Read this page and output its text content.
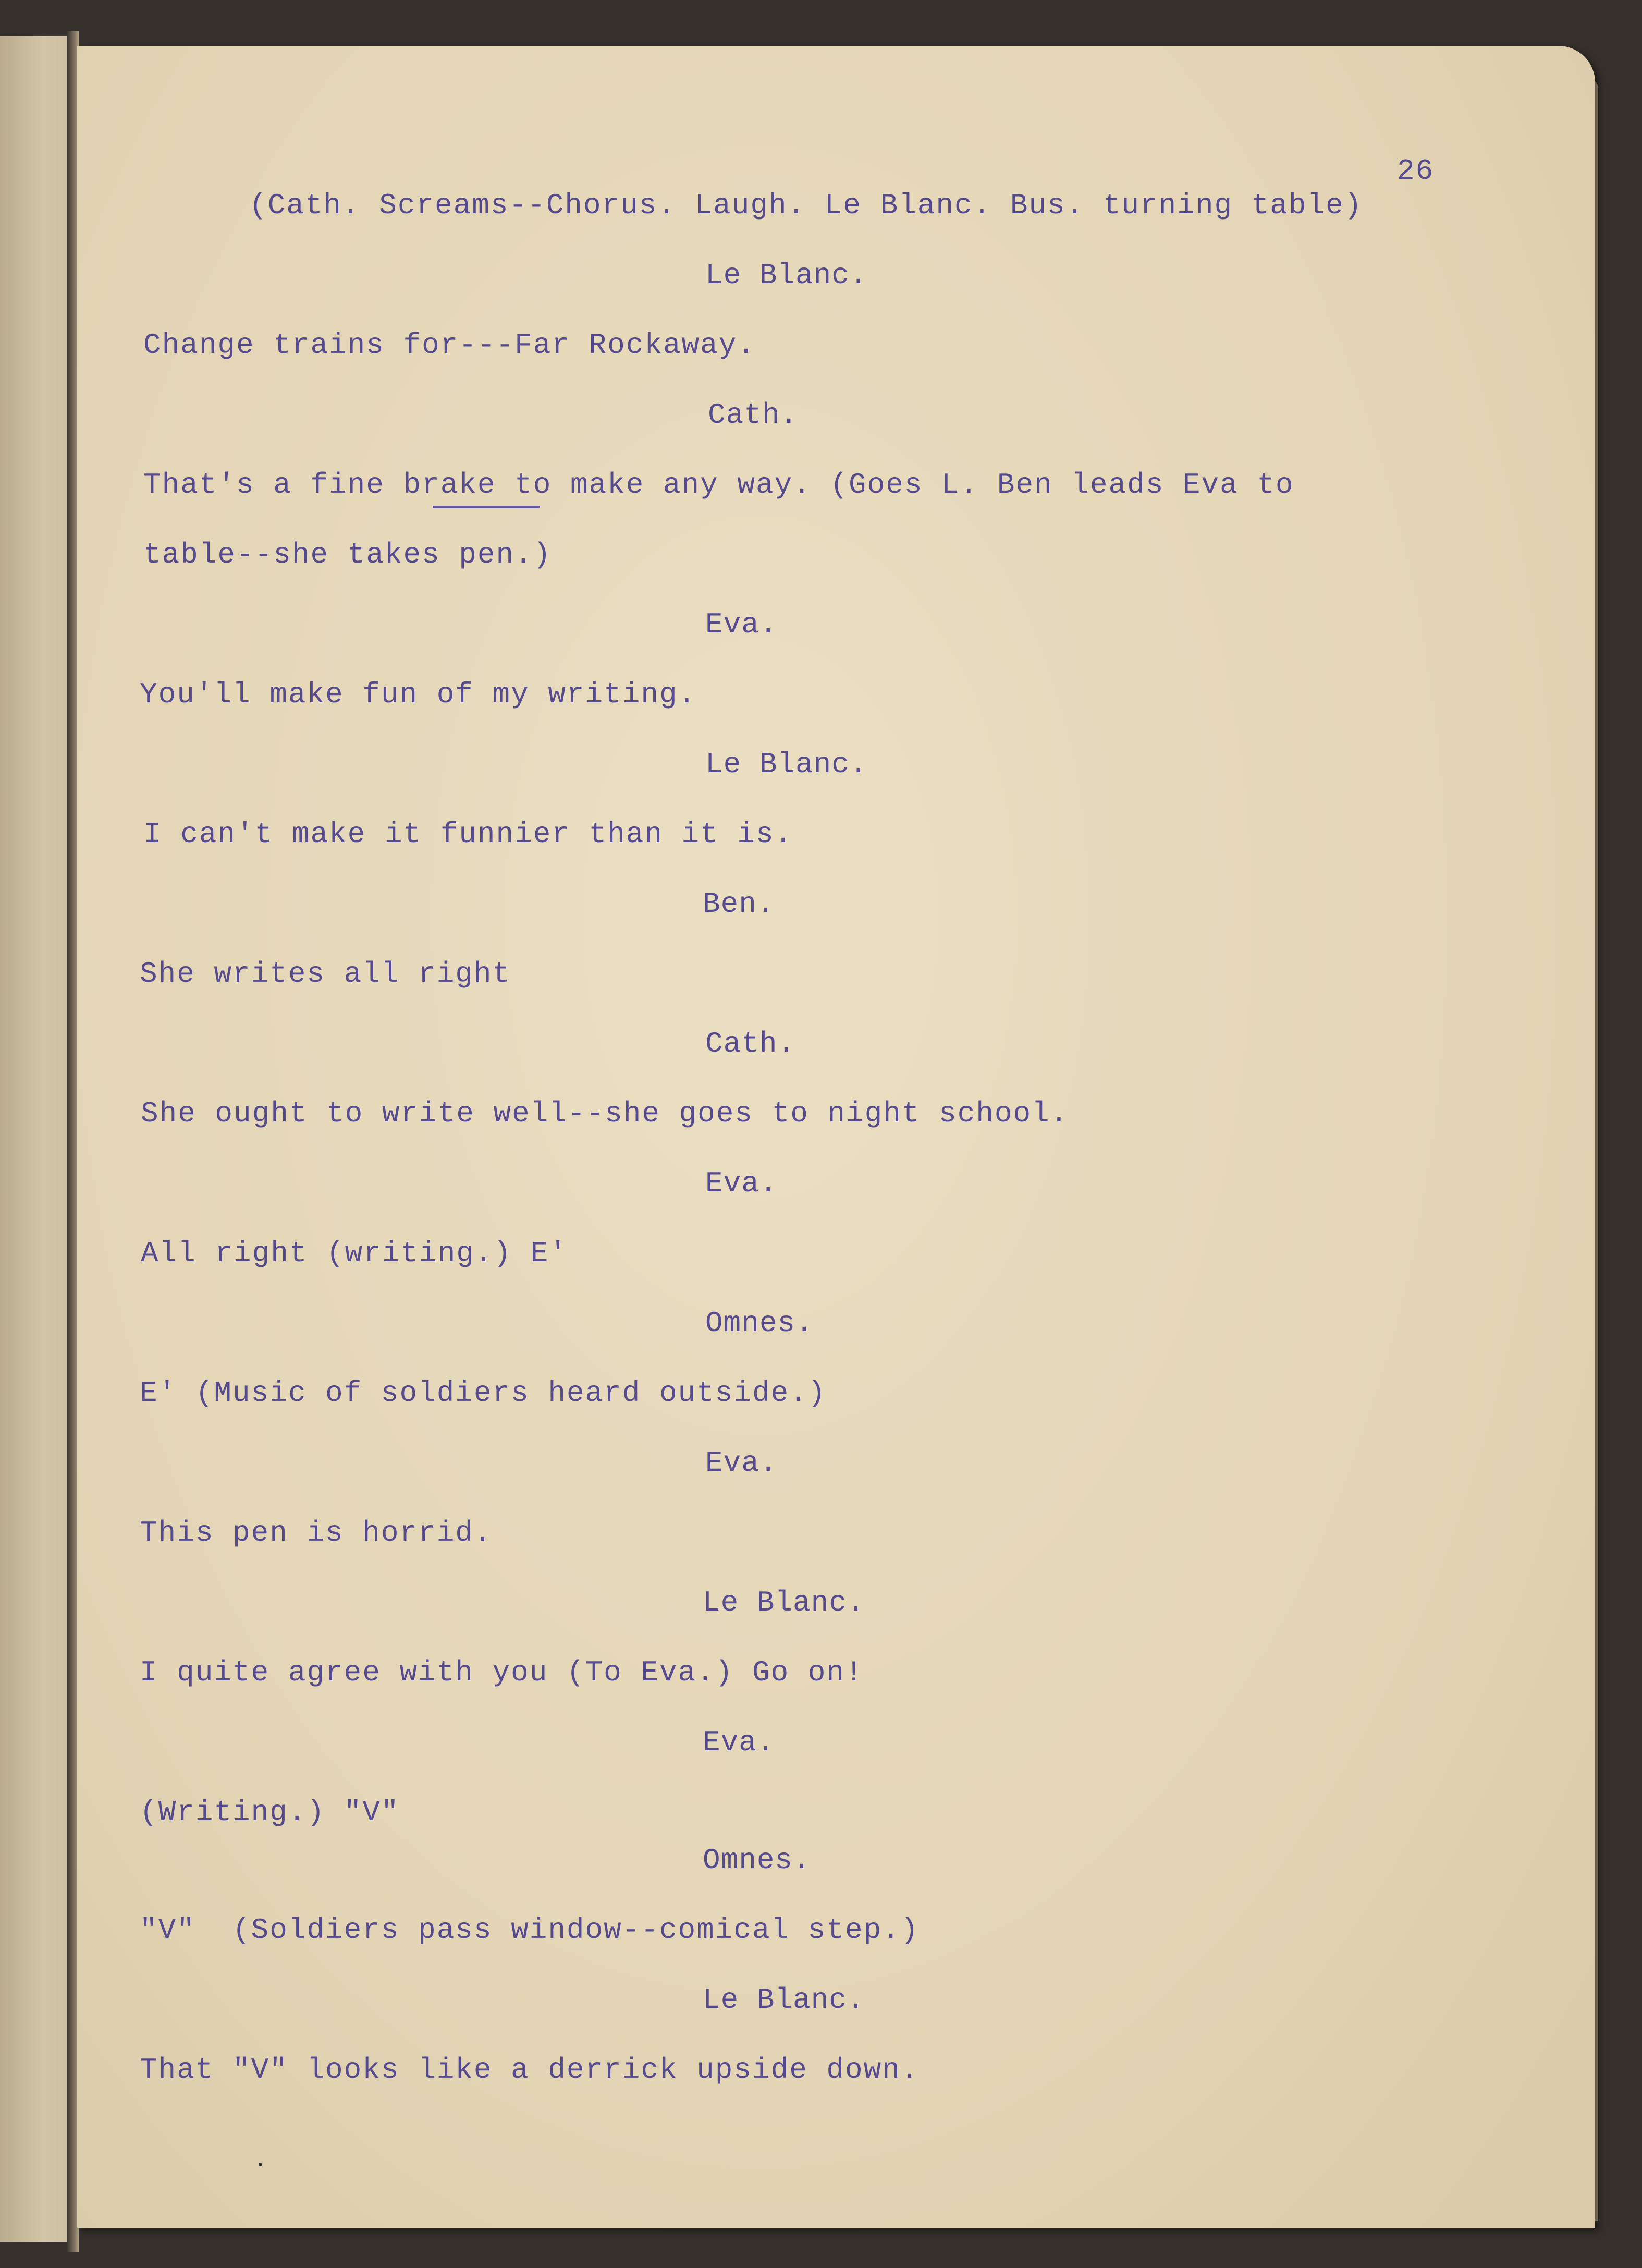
26
(Cath. Screams--Chorus. Laugh. Le Blanc. Bus. turning table)
Le Blanc.
Change trains for---Far Rockaway.
Cath.
That's a fine brake to make any way. (Goes L. Ben leads Eva to
table--she takes pen.)
Eva.
You'll make fun of my writing.
Le Blanc.
I can't make it funnier than it is.
Ben.
She writes all right
Cath.
She ought to write well--she goes to night school.
Eva.
All right (writing.) E'
Omnes.
E' (Music of soldiers heard outside.)
Eva.
This pen is horrid.
Le Blanc.
I quite agree with you (To Eva.) Go on!
Eva.
(Writing.) "V"
Omnes.
"V"  (Soldiers pass window--comical step.)
Le Blanc.
That "V" looks like a derrick upside down.
